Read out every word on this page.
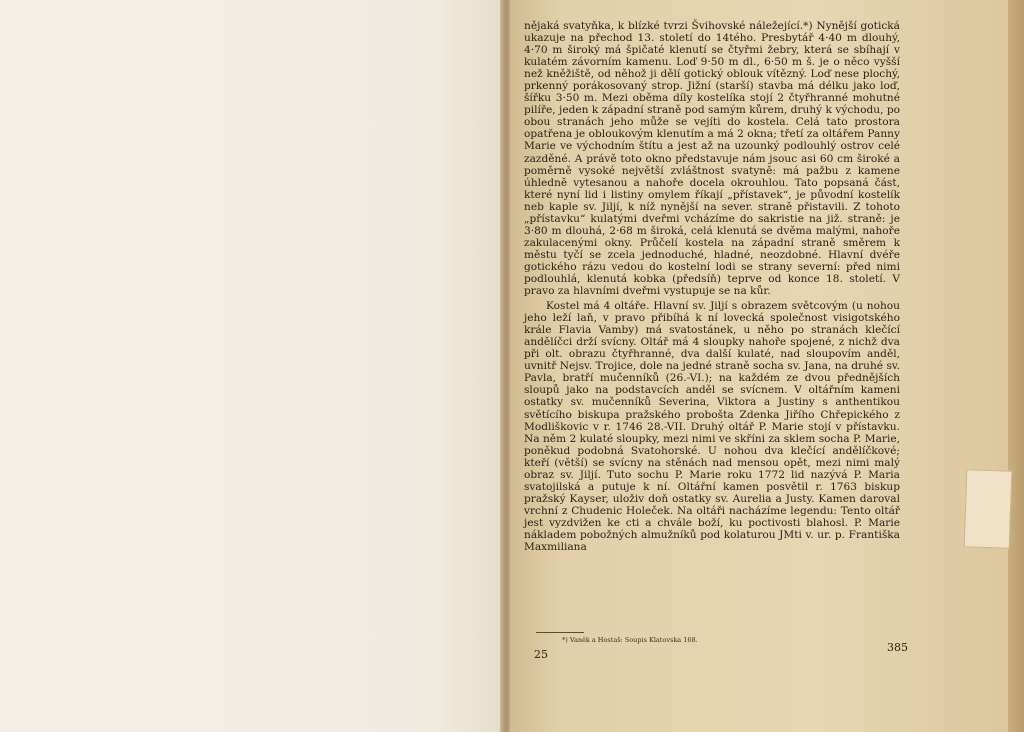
nějaká svatyňka, k blízké tvrzi Švihovské náležející.*) Nynější gotická ukazuje na přechod 13. století do 14tého. Presbytář 4·40 m dlouhý, 4·70 m široký má špičaté klenutí se čtyřmi žebry, která se sbíhají v kulatém závorním kamenu. Loď 9·50 m dl., 6·50 m š. je o něco vyšší než kněžiště, od něhož ji dělí gotický oblouk vítězný. Loď nese plochý, prkenný porákosovaný strop. Jižní (starší) stavba má délku jako loď, šířku 3·50 m. Mezi oběma díly kostelíka stojí 2 čtyřhranné mohutné pilíře, jeden k západní straně pod samým kůrem, druhý k východu, po obou stranách jeho může se vejíti do kostela. Celá tato prostora opatřena je obloukovým klenutím a má 2 okna; třetí za oltářem Panny Marie ve východním štítu a jest až na uzounký podlouhlý ostrov celé zazděné. A právě toto okno představuje nám jsouc asi 60 cm široké a poměrně vysoké největší zvláštnost svatyně: má pažbu z kamene úhledně vytesanou a nahoře docela okrouhlou. Tato popsaná část, které nyní lid i listiny omylem říkají „přístavek“, je původní kostelík neb kaple sv. Jiljí, k níž nynější na sever. straně přistavili. Z tohoto „přístavku“ kulatými dveřmi vcházíme do sakristie na již. straně: je 3·80 m dlouhá, 2·68 m široká, celá klenutá se dvěma malými, nahoře zakulacenými okny. Průčelí kostela na západní straně směrem k městu tyčí se zcela jednoduché, hladné, neozdobné. Hlavní dvéře gotického rázu vedou do kostelní lodi se strany severní: před nimi podlouhlá, klenutá kobka (předsíň) teprve od konce 18. století. V pravo za hlavními dveřmi vystupuje se na kůr.

Kostel má 4 oltáře. Hlavní sv. Jiljí s obrazem světcovým (u nohou jeho leží laň, v pravo přibíhá k ní lovecká společnost visigotského krále Flavia Vamby) má svatostánek, u něho po stranách klečící andělíčci drží svícny. Oltář má 4 sloupky nahoře spojené, z nichž dva při olt. obrazu čtyřhranné, dva další kulaté, nad sloupovím anděl, uvnitř Nejsv. Trojice, dole na jedné straně socha sv. Jana, na druhé sv. Pavla, bratří mučenníků (26.-VI.); na každém ze dvou přednějších sloupů jako na podstavcích anděl se svícnem. V oltářním kameni ostatky sv. mučenníků Severina, Viktora a Justiny s anthentikou světícího biskupa pražského proboštа Zdenka Jiřího Chřepického z Modliškovic v r. 1746 28.-VII. Druhý oltář P. Marie stojí v přístavku. Na něm 2 kulaté sloupky, mezi nimi ve skříni za sklem socha P. Marie, poněkud podobná Svatohorské. U nohou dva klečící andělíčkové; kteří (větší) se svícny na stěnách nad mensou opět, mezi nimi malý obraz sv. Jiljí. Tuto sochu P. Marie roku 1772 lid nazývá P. Maria svatojilská a putuje k ní. Oltářní kamen posvětil r. 1763 biskup pražský Kayser, uloživ doň ostatky sv. Aurelia a Justy. Kamen daroval vrchní z Chudenic Holeček. Na oltáři nacházíme legendu: Tento oltář jest vyzdvižen ke cti a chvále boží, ku poctivosti blahosl. P. Marie nákladem pobožných almužníků pod kolaturou JMti v. ur. p. Františka Maxmiliana

*) Vaněk a Hostaš: Soupis Klatovska 168.
25
385
